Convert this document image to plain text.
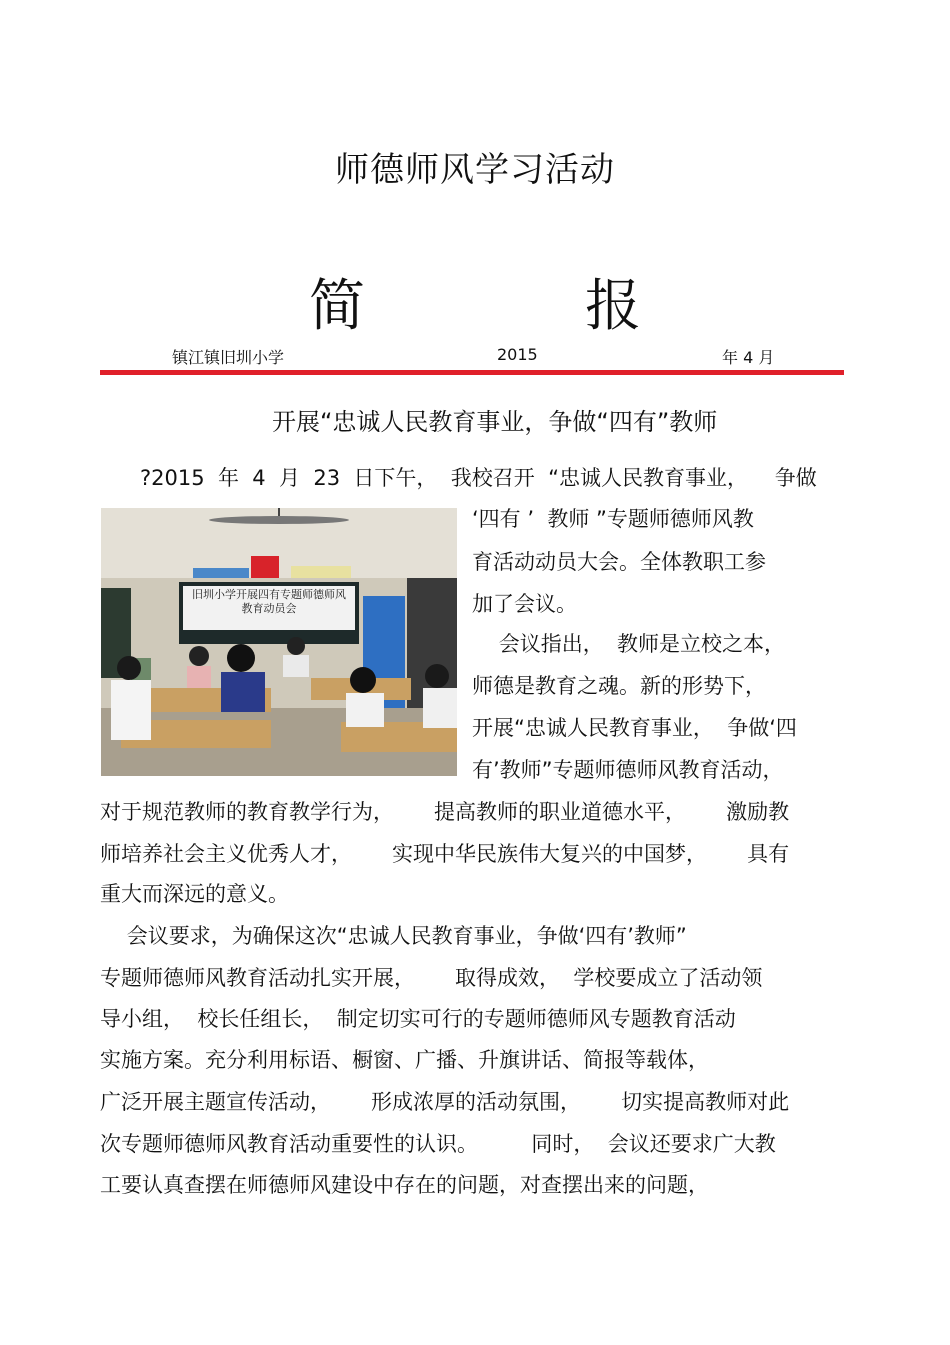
师德师风学习活动
简	报
镇江镇旧圳小学	2015	年 4 月
开展“忠诚人民教育事业，争做“四有”教师
?2015  年  4  月  23  日下午，  我校召开  “忠诚人民教育事业，    争做
旧圳小学开展四有专题师德师风
教育动员会
‘四有 ’  教师 ”专题师德师风教
育活动动员大会。全体教职工参
加了会议。
会议指出，  教师是立校之本，
师德是教育之魂。新的形势下，
开展“忠诚人民教育事业，  争做‘四
有’教师”专题师德师风教育活动，
对于规范教师的教育教学行为，      提高教师的职业道德水平，      激励教
师培养社会主义优秀人才，      实现中华民族伟大复兴的中国梦，      具有
重大而深远的意义。
会议要求，为确保这次“忠诚人民教育事业，争做‘四有’教师”
专题师德师风教育活动扎实开展，      取得成效，  学校要成立了活动领
导小组，  校长任组长，  制定切实可行的专题师德师风专题教育活动
实施方案。充分利用标语、橱窗、广播、升旗讲话、简报等载体，
广泛开展主题宣传活动，      形成浓厚的活动氛围，      切实提高教师对此
次专题师德师风教育活动重要性的认识。        同时，  会议还要求广大教
工要认真查摆在师德师风建设中存在的问题，对查摆出来的问题，
